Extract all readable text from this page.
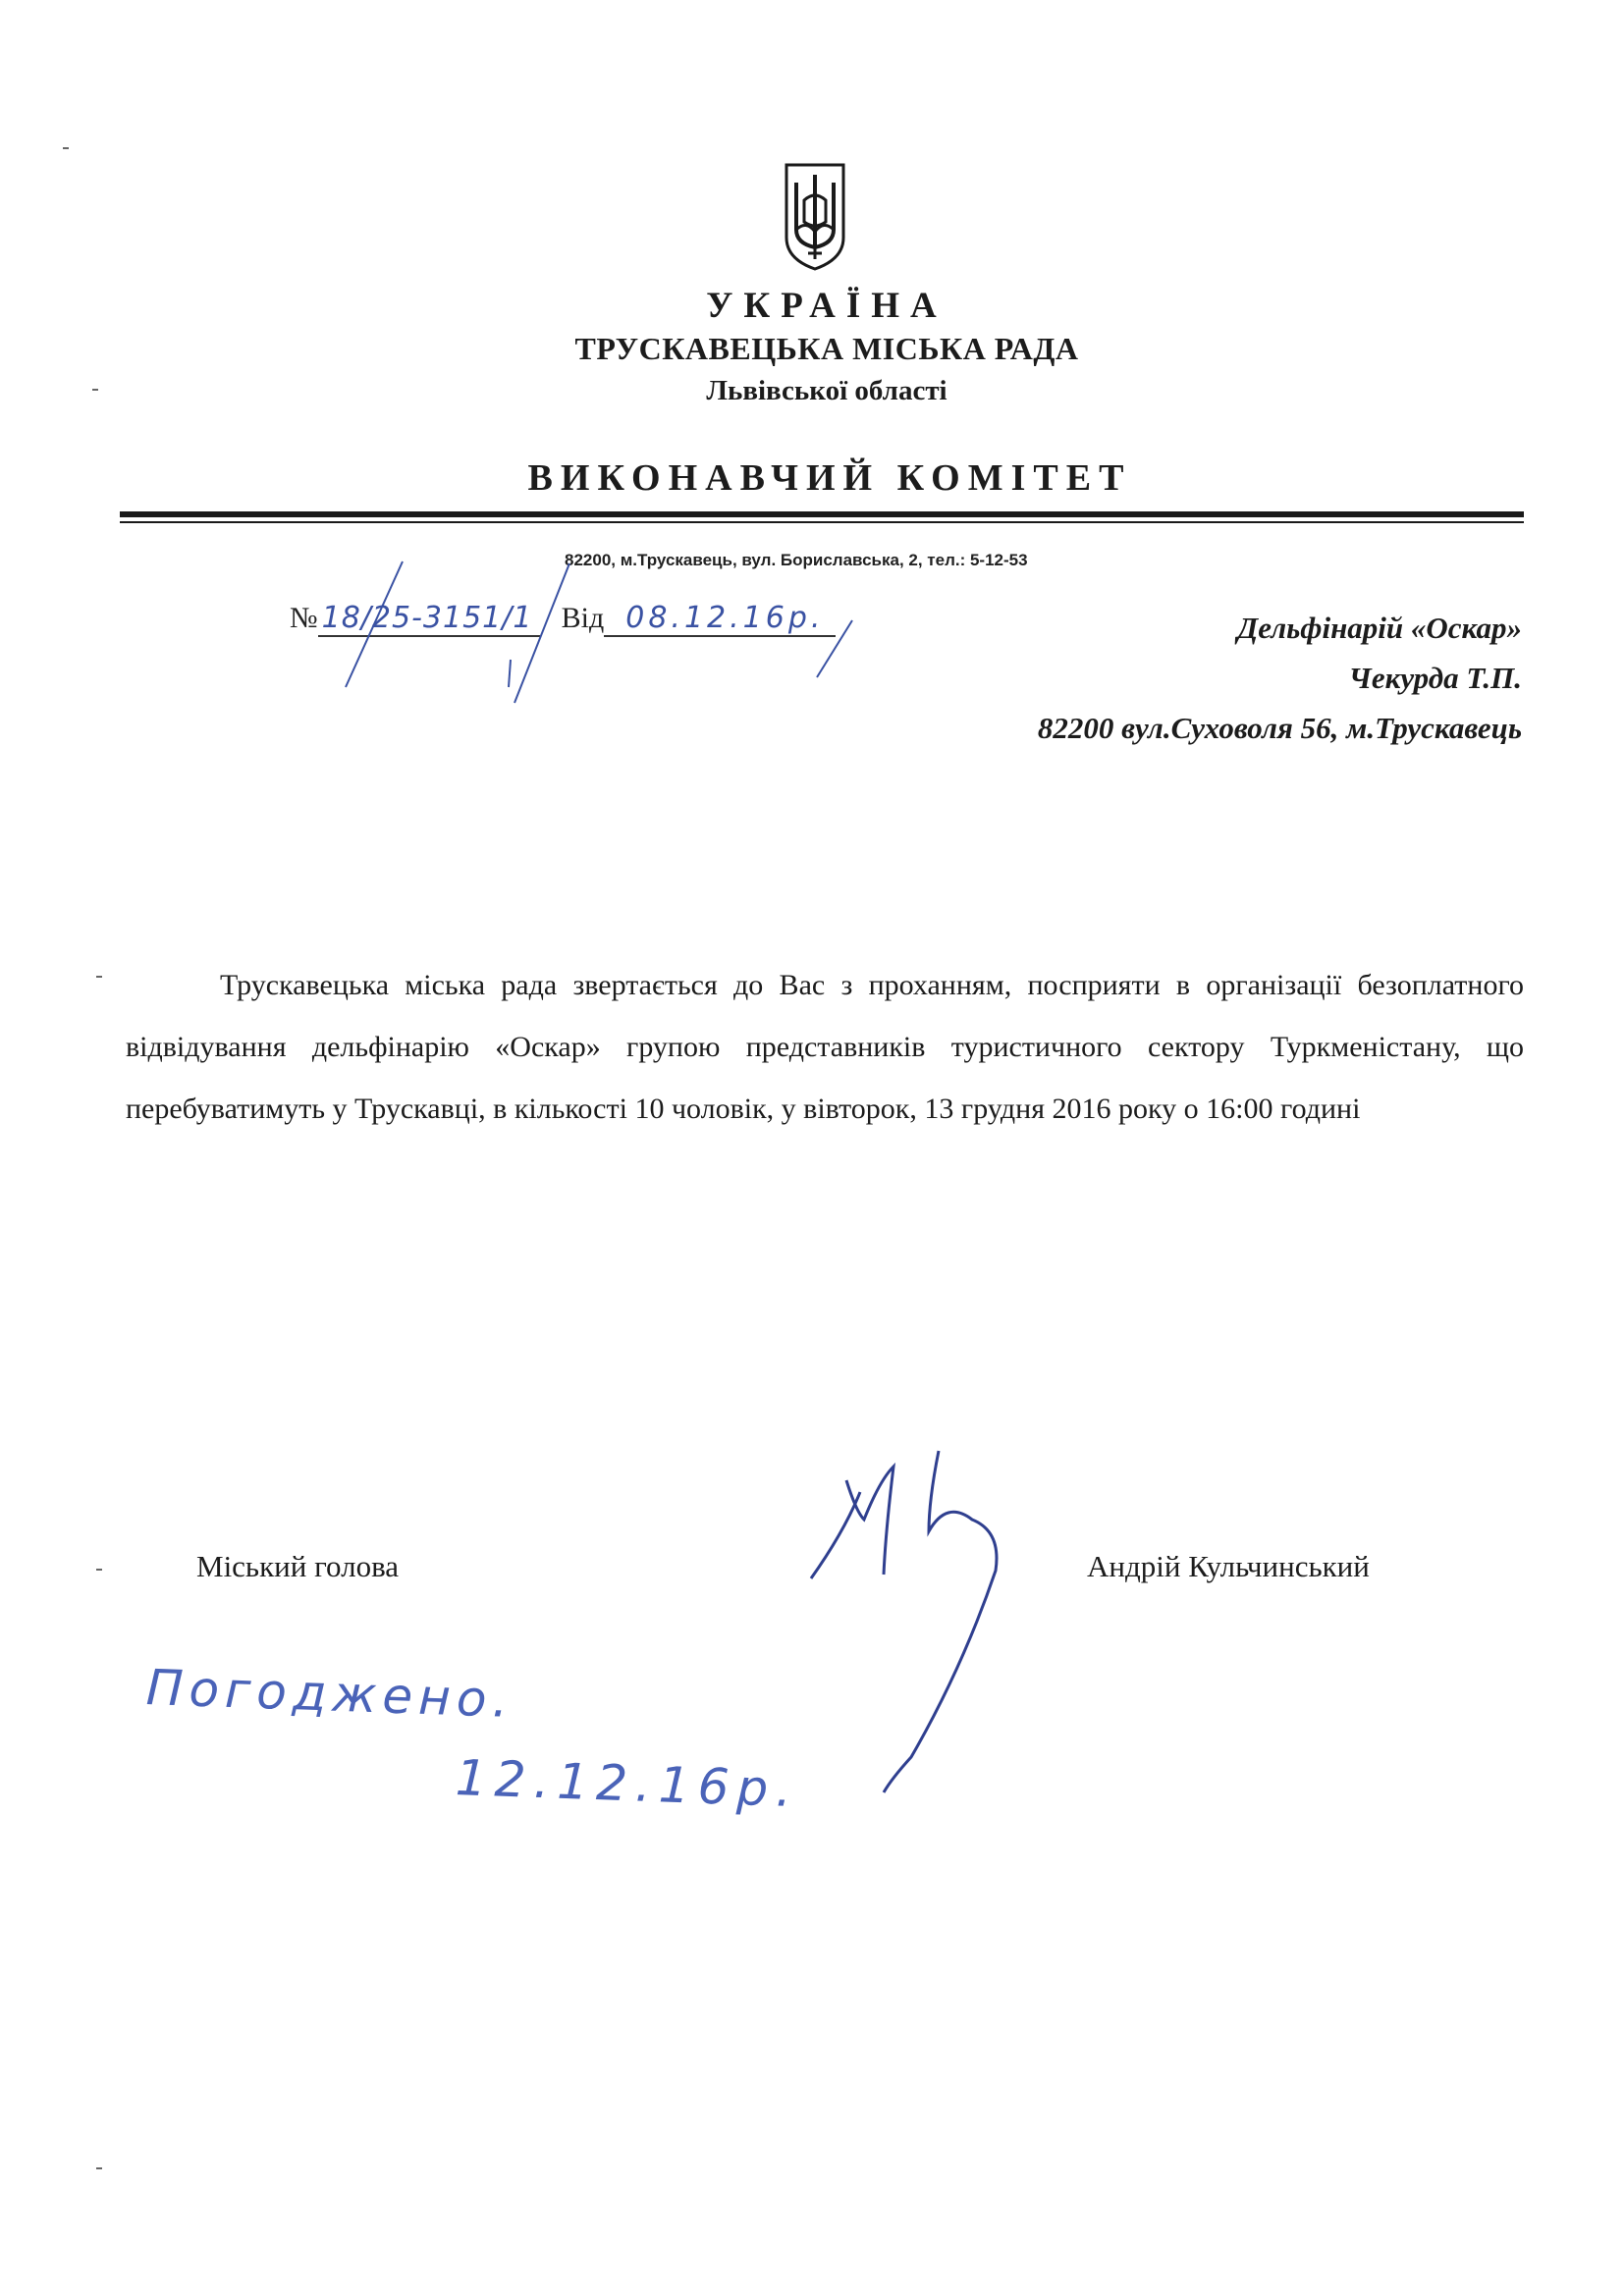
УКРАЇНА
ТРУСКАВЕЦЬКА МІСЬКА РАДА
Львівської області
ВИКОНАВЧИЙ КОМІТЕТ
82200, м.Трускавець, вул. Бориславська, 2, тел.: 5-12-53
№ 18/25-3151/1 Від 08.12.16р.	Дельфінарій «Оскар»
Чекурда Т.П.
82200 вул.Суховоля 56, м.Трускавець

Трускавецька міська рада звертається до Вас з проханням, посприяти в організації безоплатного відвідування дельфінарію «Оскар» групою представників туристичного сектору Туркменістану, що перебуватимуть у Трускавці, в кількості 10 чоловік, у вівторок, 13 грудня 2016 року о 16:00 годині

Міський голова	Андрій Кульчинський
Погоджено.
12.12.16р.
